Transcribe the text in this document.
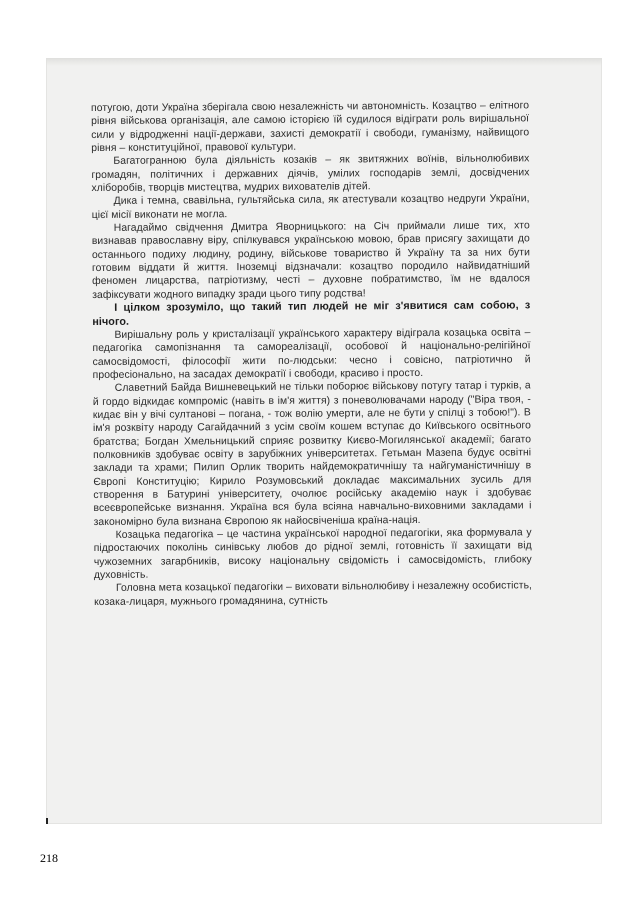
потугою, доти Україна зберігала свою незалежність чи автономність. Козацтво – елітного рівня військова організація, але самою історією їй судилося відіграти роль вирішальної сили у відродженні нації-держави, захисті демократії і свободи, гуманізму, найвищого рівня – конституційної, правової культури.

Багатогранною була діяльність козаків – як звитяжних воїнів, вільнолюбивих громадян, політичних і державних діячів, умілих господарів землі, досвідчених хліборобів, творців мистецтва, мудрих вихователів дітей.

Дика і темна, свавільна, гультяйська сила, як атестували козацтво недруги України, цієї місії виконати не могла.

Нагадаймо свідчення Дмитра Яворницького: на Січ приймали лише тих, хто визнавав православну віру, спілкувався українською мовою, брав присягу захищати до останнього подиху людину, родину, військове товариство й Україну та за них бути готовим віддати й життя. Іноземці відзначали: козацтво породило найвидатніший феномен лицарства, патріотизму, честі – духовне побратимство, їм не вдалося зафіксувати жодного випадку зради цього типу родства!

І цілком зрозуміло, що такий тип людей не міг з'явитися сам собою, з нічого.

Вирішальну роль у кристалізації українського характеру відіграла козацька освіта – педагогіка самопізнання та самореалізації, особової й національно-релігійної самосвідомості, філософії жити по-людськи: чесно і совісно, патріотично й професіонально, на засадах демократії і свободи, красиво і просто.

Славетний Байда Вишневецький не тільки поборює військову потугу татар і турків, а й гордо відкидає компроміс (навіть в ім'я життя) з поневолювачами народу ("Віра твоя, - кидає він у вічі султанові – погана, - тож волію умерти, але не бути у спілці з тобою!"). В ім'я розквіту народу Сагайдачний з усім своїм кошем вступає до Київського освітнього братства; Богдан Хмельницький сприяє розвитку Києво-Могилянської академії; багато полковників здобуває освіту в зарубіжних університетах. Гетьман Мазепа будує освітні заклади та храми; Пилип Орлик творить найдемократичнішу та найгуманістичнішу в Європі Конституцію; Кирило Розумовський докладає максимальних зусиль для створення в Батурині університету, очолює російську академію наук і здобуває всеєвропейське визнання. Україна вся була всіяна навчально-виховними закладами і закономірно була визнана Європою як найосвіченіша країна-нація.

Козацька педагогіка – це частина української народної педагогіки, яка формувала у підростаючих поколінь синівську любов до рідної землі, готовність її захищати від чужоземних загарбників, високу національну свідомість і самосвідомість, глибоку духовність.

Головна мета козацької педагогіки – виховати вільнолюбиву і незалежну особистість, козака-лицаря, мужнього громадянина, сутність

218
